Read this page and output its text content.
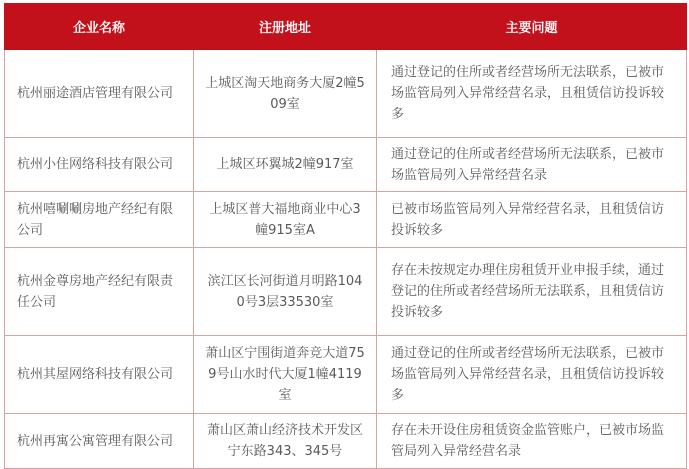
企业名称	注册地址	主要问题
杭州丽途酒店管理有限公司	上城区淘天地商务大厦2幢509室	通过登记的住所或者经营场所无法联系，已被市场监管局列入异常经营名录，且租赁信访投诉较多
杭州小住网络科技有限公司	上城区环翼城2幢917室	通过登记的住所或者经营场所无法联系，已被市场监管局列入异常经营名录
杭州嘻唰唰房地产经纪有限公司	上城区普大福地商业中心3幢915室A	已被市场监管局列入异常经营名录，且租赁信访投诉较多
杭州金尊房地产经纪有限责任公司	滨江区长河街道月明路1040号3层33530室	存在未按规定办理住房租赁开业申报手续，通过登记的住所或者经营场所无法联系，且租赁信访投诉较多
杭州其屋网络科技有限公司	萧山区宁围街道奔竞大道759号山水时代大厦1幢4119室	通过登记的住所或者经营场所无法联系，已被市场监管局列入异常经营名录，且租赁信访投诉较多
杭州再寓公寓管理有限公司	萧山区萧山经济技术开发区宁东路343、345号	存在未开设住房租赁资金监管账户，已被市场监管局列入异常经营名录
